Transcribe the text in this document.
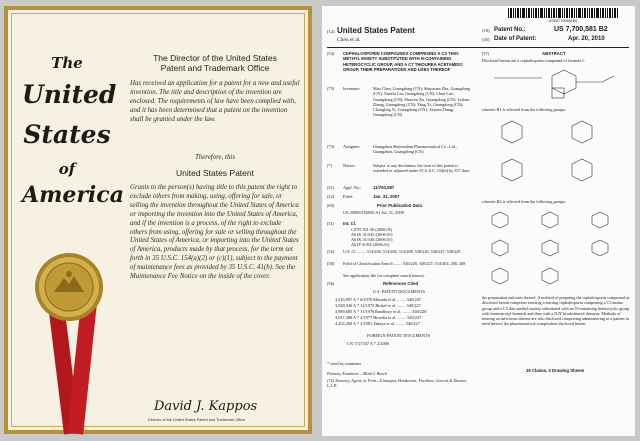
The
United
States
of
America
The Director of the United States
Patent and Trademark Office
Has received an application for a patent for a new and useful invention. The title and description of the invention are enclosed. The requirements of law have been complied with, and it has been determined that a patent on the invention shall be granted under the law.
Therefore, this
United States Patent
Grants to the person(s) having title to this patent the right to exclude others from making, using, offering for sale, or selling the invention throughout the United States of America or importing the invention into the United States of America, and if the invention is a process, of the right to exclude others from using, offering for sale or selling throughout the United States of America, or importing into the United States of America, products made by that process, for the term set forth in 35 U.S.C. 154(a)(2) or (c)(1), subject to the payment of maintenance fees as provided by 35 U.S.C. 41(b). See the Maintenance Fee Notice on the inside of the cover.
David J. Kappos
Director of the United States Patent and Trademark Office
US007700581B2
(12) United States Patent
Chen et al.
(10) Patent No.:	US 7,700,581 B2
(45) Date of Patent:	Apr. 20, 2010
(54) CEPHALOSPORIN COMPOUNDS COMPRISING A C3 THIO-METHYL MOIETY SUBSTITUTED WITH N-CONTAINING HETEROCYCLIC GROUP, AND A C7 THIOUREA ACETAMIDO GROUP, THEIR PREPARATIONS AND USES THEREOF
(75) Inventors:	Mao Chen, Guangdong (CN); Shaoxuan Zhu, Guangdong (CN); Xuezhi Liu, Guangdong (CN); Chun Lao, Guangdong (CN); Shuwen Xu, Guangdong (CN); Liubao Zhang, Guangdong (CN); Yang Xi, Guangdong (CN); Chongling Yi, Guangdong (CN); Xiaona Zhang, Guangdong (CN)
(73) Assignee:	Guangzhou Baiyunshan Pharmaceutical Co., Ltd., Guangzhou, Guangdong (CN)
(*)	Notice:	Subject to any disclaimer, the term of this patent is extended or adjusted under 35 U.S.C. 154(b) by 557 days.
(21) Appl. No.:	11/700,087
(22) Filed:	Jan. 31, 2007
(65)	Prior Publication Data
US 2008/0182836 A1 Jul. 31, 2008
(51) Int. Cl.
C07D 501/36 (2006.01)
A61K 31/545 (2006.01)
A61K 31/546 (2006.01)
A61P 31/04 (2006.01)
(52) U.S. Cl. ........ 514/206; 514/204; 514/208; 540/226; 540/227; 540/229
(58) Field of Classification Search ........ 540/226, 540/227; 514/204, 206, 208
See application file for complete search history.
(56)	References Cited
U.S. PATENT DOCUMENTS
3,516,997 A * 6/1970 Masuda et al. ........ 540/227
3,928,336 A * 12/1975 Bickel et al. ........ 540/227
3,989,685 A * 11/1976 Bandbury et al. ........ 540/228
4,017,488 A * 4/1977 Hiraoka et al. ........ 540/227
4,254,260 A * 3/1981 Takaya et al. ........ 540/227
FOREIGN PATENT DOCUMENTS
CN 1727347 A * 2/2006
* cited by examiner
Primary Examiner—Mark L Berch
(74) Attorney, Agent, or Firm—Finnegan, Henderson, Farabow, Garrett & Dunner, L.L.P.
(57)	ABSTRACT
Disclosed herein are a cephalosporin compound of formula I:
wherein R1 is selected from the following groups:
wherein R2 is selected from the following groups:
the preparation and uses thereof. A method of preparing the cephalosporin compound as disclosed herein comprises reacting a starting cephalosporin comprising a C3 amino group and a C3 thio-methyl moiety substituted with an N-containing heterocyclic group with bromoacetyl bromide and then with a N,N' bisubstituted thiourea. Methods of treating an infectious disease are also disclosed comprising administering to a patient in need thereof the pharmaceutical composition disclosed herein.
19 Claims, 2 Drawing Sheets
